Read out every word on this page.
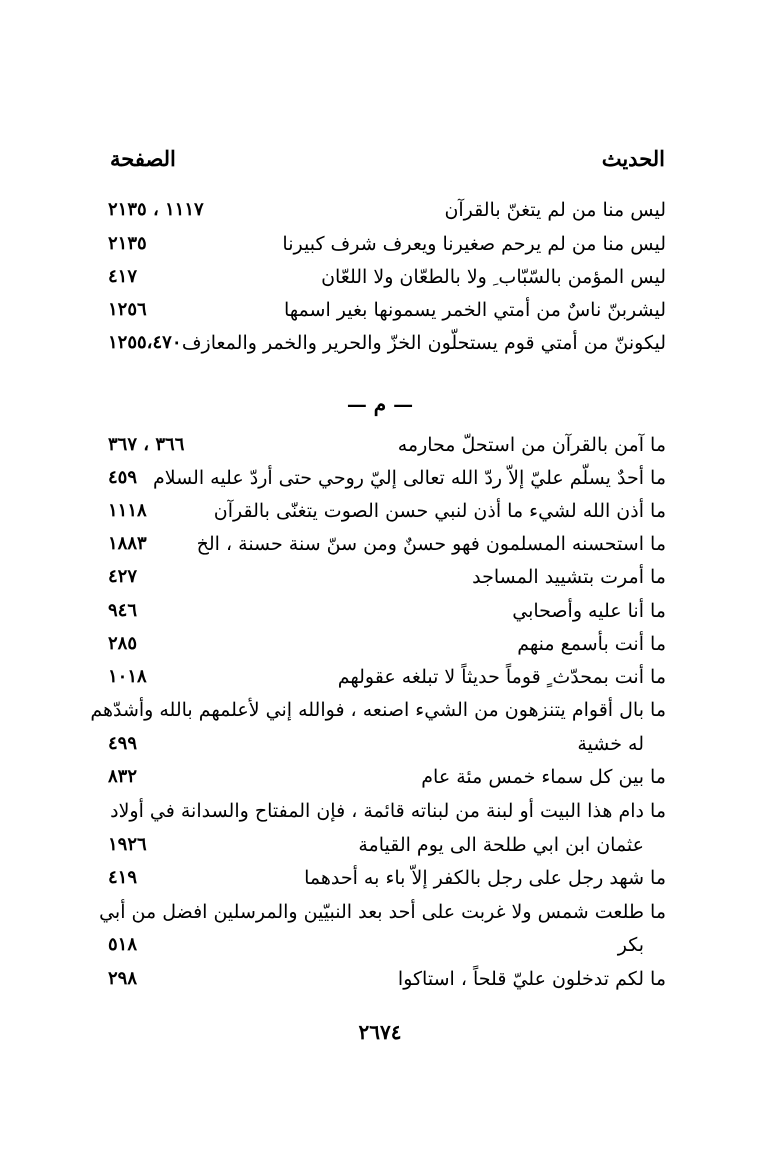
الحديث
الصفحة
ليس منا من لم يتغنّ بالقرآن
١١١٧ ، ٢١٣٥
ليس منا من لم يرحم صغيرنا ويعرف شرف كبيرنا
٢١٣٥
ليس المؤمن بالسّبّاب ِ ولا بالطعّان ولا اللعّان
٤١٧
ليشربنّ ناسٌ من أمتي الخمر يسمونها بغير اسمها
١٢٥٦
ليكوننّ من أمتي قوم يستحلّون الخزّ والحرير والخمر والمعازف
١٢٥٥،٤٧٠
— م —
ما آمن بالقرآن من استحلّ محارمه
٣٦٦ ، ٣٦٧
ما أحدٌ يسلّم عليّ إلاّ ردّ الله تعالى إليّ روحي حتى أردّ عليه السلام
٤٥٩
ما أذن الله لشيء ما أذن لنبي حسن الصوت يتغنّى بالقرآن
١١١٨
ما استحسنه المسلمون فهو حسنٌ ومن سنّ سنة حسنة ، الخ
١٨٨٣
ما أمرت بتشييد المساجد
٤٢٧
ما أنا عليه وأصحابي
٩٤٦
ما أنت بأسمع منهم
٢٨٥
ما أنت بمحدّث ٍ قوماً حديثاً لا تبلغه عقولهم
١٠١٨
ما بال أقوام يتنزهون من الشيء اصنعه ، فوالله إني لأعلمهم بالله وأشدّهم
له خشية
٤٩٩
ما بين كل سماء خمس مئة عام
٨٣٢
ما دام هذا البيت أو لبنة من لبناته قائمة ، فإن المفتاح والسدانة في أولاد
عثمان ابن ابي طلحة الى يوم القيامة
١٩٢٦
ما شهد رجل على رجل بالكفر إلاّ باء به أحدهما
٤١٩
ما طلعت شمس ولا غربت على أحد بعد النبيّين والمرسلين افضل من أبي
بكر
٥١٨
ما لكم تدخلون عليّ قلحاً ، استاكوا
٢٩٨
٢٦٧٤
